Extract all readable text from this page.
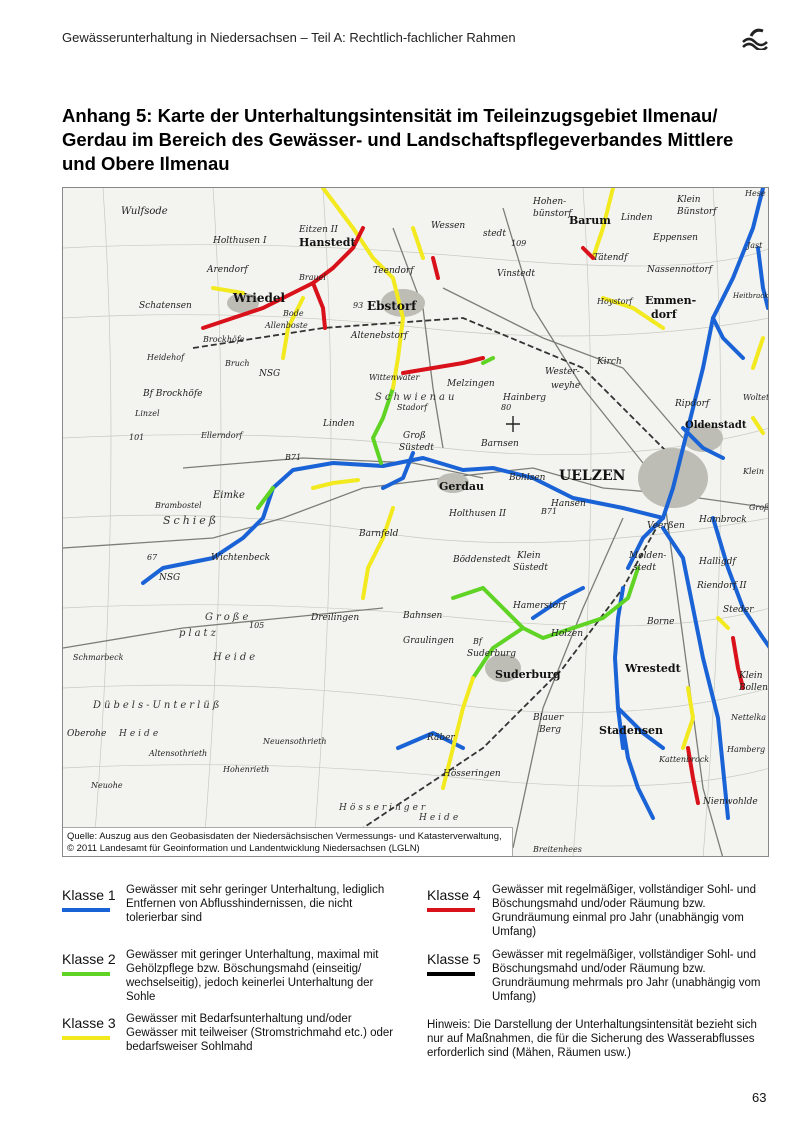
Gewässerunterhaltung in Niedersachsen – Teil A: Rechtlich-fachlicher Rahmen
Anhang 5: Karte der Unterhaltungsintensität im Teileinzugsgebiet Ilmenau/ Gerdau im Bereich des Gewässer- und Landschaftspflegeverbandes Mittlere und Obere Ilmenau
Wulfsode
Holthusen I
Eitzen II
Hanstedt
Wessen
stedt
Hohen-
bünstorf
Barum Linden
Klein
Bünstorf
Eppensen
Arendorf
Brauel
Teendorf	Vinstedt
Tätendf
Nassennottorf
Schatensen
Wriedel
Ebstorf	Hoystorf Emmen-
dorf
Bode
Allenboste
Brockhöfe	Altenebstorf
Heidehof
Bruch
NSG	Wittenwater
Melzingen
Wester-
weyhe
Kirch
Bf Brockhöfe	Schwienau
Stadorf
Hainberg
Ripdorf
Linzel
Linden
Groß
Süstedt	Barnsen
Oldenstadt
Ellerndorf
Bohlsen UELZEN
Eimke
Gerdau
Brambostel
Schieß	Holthusen II
Hansen
Veerßen
Hambrock
Barnfeld
Wichtenbeck	Böddenstedt Klein
Süstedt
Halligdf
Molden-
stedt
Riendorf II
NSG
Große
platz
Dreilingen	Bahnsen
Hamerstorf	Steder
Graulingen
Holzen
Borne
Schmarbeck	Heide
Bf
Suderburg
Wrestedt
Suderburg	Klein
Bollen
Dübels-Unterlüß
Oberohe Heide
Blauer
Berg
Nettelka
Stadensen
Neuensothrieth	Räber
Altensothrieth
Kattenbrock
Hamberg
Hohenrieth	Hösseringen
Neuohe
Hösseringer
Heide
Nienwohlde
Breitenhees
B71
B71
93
109
101
67
105
80
Hese
Jast
Heitbrack
Klein
Groß
Woltet
Quelle: Auszug aus den Geobasisdaten der Niedersächsischen Vermessungs- und Katasterverwaltung, © 2011 Landesamt für Geoinformation und Landentwicklung Niedersachsen (LGLN)
Klasse 1 Gewässer mit sehr geringer Unterhaltung, lediglich Entfernen von Abflusshindernissen, die nicht tolerierbar sind
Klasse 2 Gewässer mit geringer Unterhaltung, maximal mit Gehölzpflege bzw. Böschungsmahd (einseitig/ wechselseitig), jedoch keinerlei Unterhaltung der Sohle
Klasse 3 Gewässer mit Bedarfsunterhaltung und/oder Gewässer mit teilweiser (Stromstrichmahd etc.) oder bedarfsweiser Sohlmahd
Klasse 4 Gewässer mit regelmäßiger, vollständiger Sohl- und Böschungsmahd und/oder Räumung bzw. Grundräumung einmal pro Jahr (unabhängig vom Umfang)
Klasse 5 Gewässer mit regelmäßiger, vollständiger Sohl- und Böschungsmahd und/oder Räumung bzw. Grundräumung mehrmals pro Jahr (unabhängig vom Umfang)
Hinweis: Die Darstellung der Unterhaltungsintensität bezieht sich nur auf Maßnahmen, die für die Sicherung des Wasserabflusses erforderlich sind (Mähen, Räumen usw.)
63
